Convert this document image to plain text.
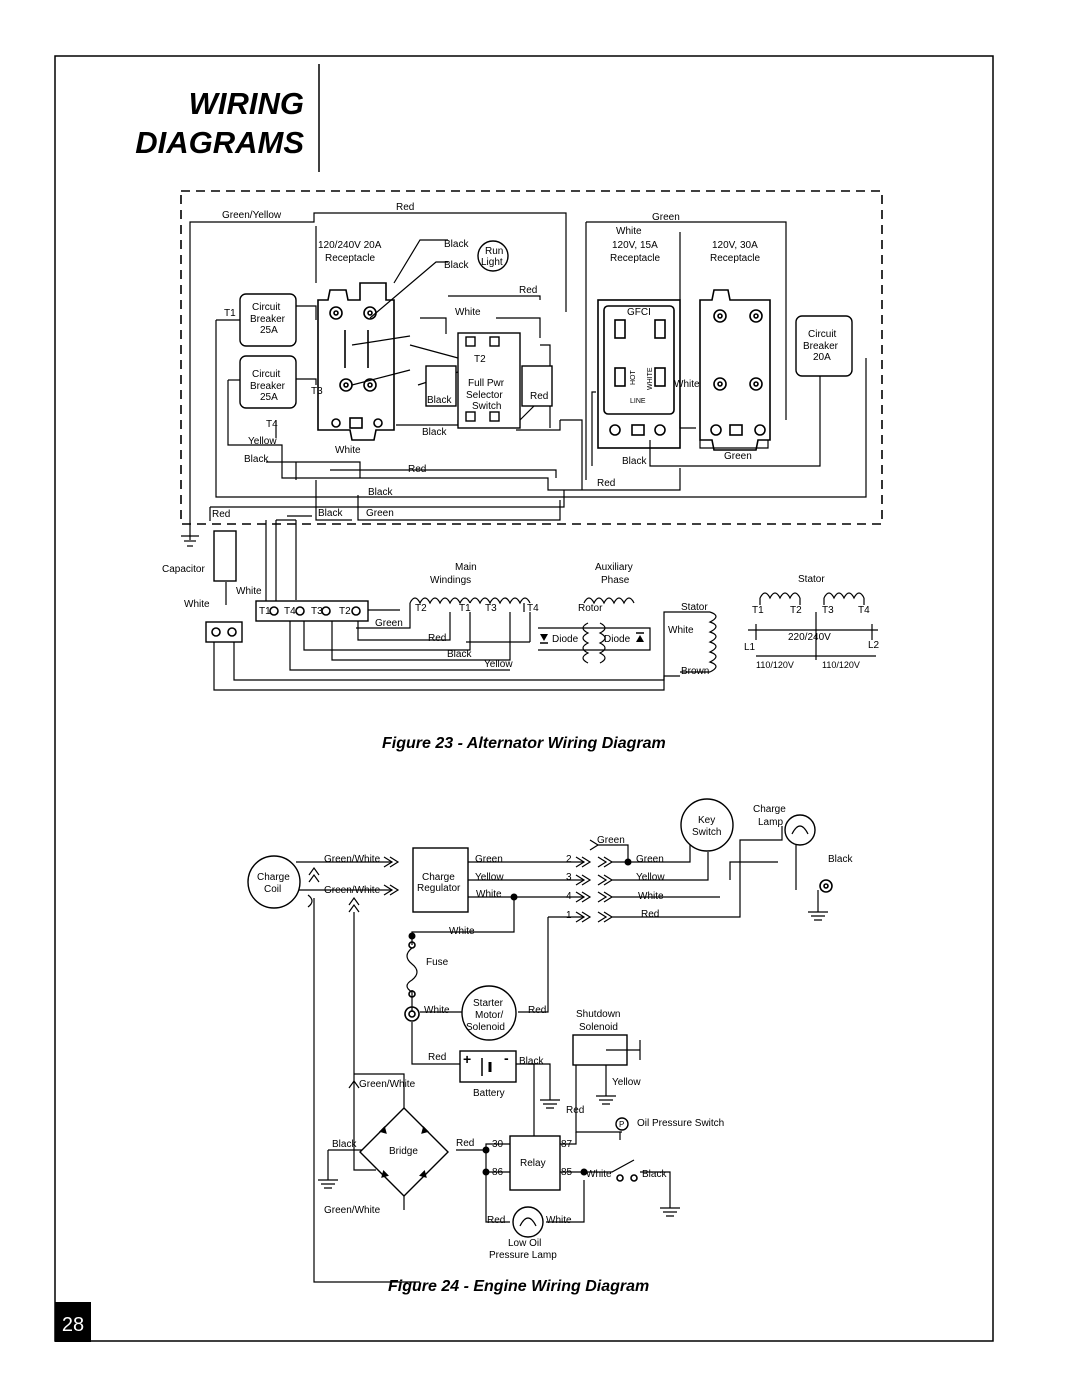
WIRING
DIAGRAMS
Green/Yellow
Red
Green
White
120/240V 20A
Receptacle
Black
Black
Run
Light
120V, 15A
Receptacle
120V, 30A
Receptacle
Red
White	GFCI
HOT WHITE
LINE
White
T1
Circuit
Breaker
25A
Circuit
Breaker
25A
Circuit
Breaker
20A
T2
T3
Full Pwr
Selector
Switch
Black	Red
Black
T4
Yellow
White
Black
Red
Black	Green
Red
Black
Red	Black Green
Capacitor
White
White
T1 T4 T3 T2
Green
Red
Black
Yellow
Main
Windings
T2	T1 T3	T4
Auxiliary
Phase
Rotor
Diode	Diode
Stator
White
Brown
Stator
T1	T2 T3 T4
220/240V
L1	L2
110/120V	110/120V
Figure 23 - Alternator Wiring Diagram
+ -
Charge
Lamp
Key
Switch
Green
Black
Charge
Coil
Green/White
Green/White
Charge
Regulator
Green
Yellow
White
2
3
4
1
Green
Yellow
White
Red
White
Fuse
White
Starter
Motor/
Solenoid
Red	Shutdown
Solenoid
Red	Black
Battery
Yellow
Green/White
Red
Oil Pressure Switch
P
Black
Bridge
Red 30	87
86	85
Relay
White	Black
Green/White
Red	White
Low Oil
Pressure Lamp
Figure 24 - Engine Wiring Diagram
28
